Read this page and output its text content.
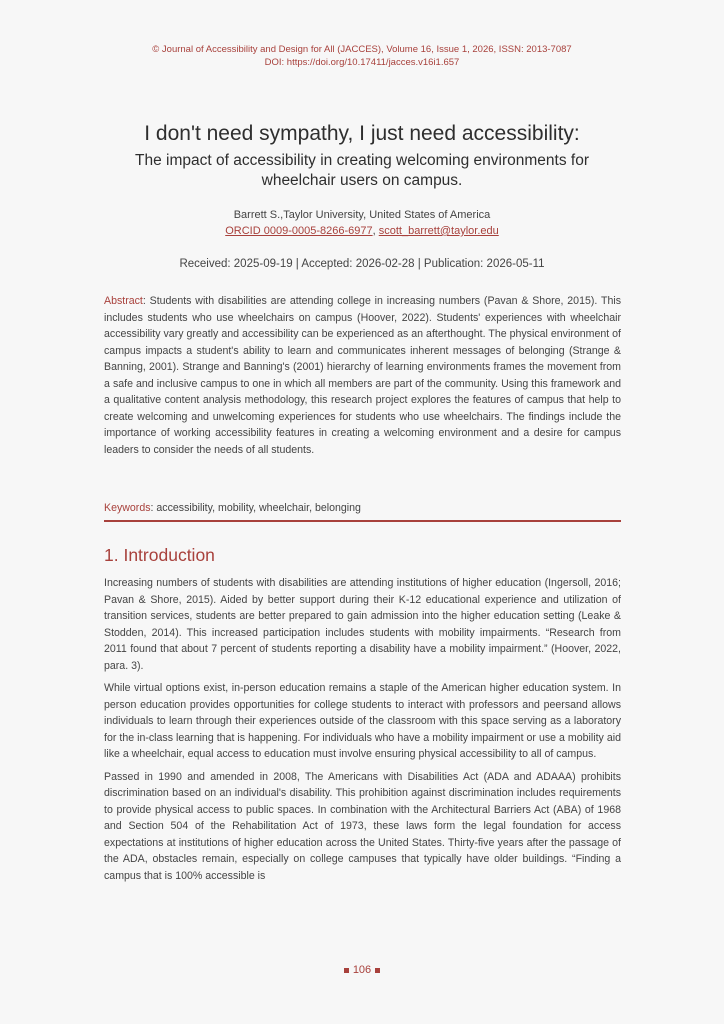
© Journal of Accessibility and Design for All (JACCES), Volume 16, Issue 1, 2026, ISSN: 2013-7087
DOI: https://doi.org/10.17411/jacces.v16i1.657
I don't need sympathy, I just need accessibility:
The impact of accessibility in creating welcoming environments for wheelchair users on campus.
Barrett S.,Taylor University, United States of America
ORCID 0009-0005-8266-6977, scott_barrett@taylor.edu
Received: 2025-09-19 | Accepted: 2026-02-28 | Publication: 2026-05-11
Abstract: Students with disabilities are attending college in increasing numbers (Pavan & Shore, 2015). This includes students who use wheelchairs on campus (Hoover, 2022). Students' experiences with wheelchair accessibility vary greatly and accessibility can be experienced as an afterthought. The physical environment of campus impacts a student's ability to learn and communicates inherent messages of belonging (Strange & Banning, 2001). Strange and Banning's (2001) hierarchy of learning environments frames the movement from a safe and inclusive campus to one in which all members are part of the community. Using this framework and a qualitative content analysis methodology, this research project explores the features of campus that help to create welcoming and unwelcoming experiences for students who use wheelchairs. The findings include the importance of working accessibility features in creating a welcoming environment and a desire for campus leaders to consider the needs of all students.
Keywords: accessibility, mobility, wheelchair, belonging
1. Introduction

Increasing numbers of students with disabilities are attending institutions of higher education (Ingersoll, 2016; Pavan & Shore, 2015). Aided by better support during their K-12 educational experience and utilization of transition services, students are better prepared to gain admission into the higher education setting (Leake & Stodden, 2014). This increased participation includes students with mobility impairments. “Research from 2011 found that about 7 percent of students reporting a disability have a mobility impairment.” (Hoover, 2022, para. 3).

While virtual options exist, in-person education remains a staple of the American higher education system. In person education provides opportunities for college students to interact with professors and peersand allows individuals to learn through their experiences outside of the classroom with this space serving as a laboratory for the in-class learning that is happening. For individuals who have a mobility impairment or use a mobility aid like a wheelchair, equal access to education must involve ensuring physical accessibility to all of campus.

Passed in 1990 and amended in 2008, The Americans with Disabilities Act (ADA and ADAAA) prohibits discrimination based on an individual's disability. This prohibition against discrimination includes requirements to provide physical access to public spaces. In combination with the Architectural Barriers Act (ABA) of 1968 and Section 504 of the Rehabilitation Act of 1973, these laws form the legal foundation for access expectations at institutions of higher education across the United States. Thirty-five years after the passage of the ADA, obstacles remain, especially on college campuses that typically have older buildings. “Finding a campus that is 100% accessible is

106
